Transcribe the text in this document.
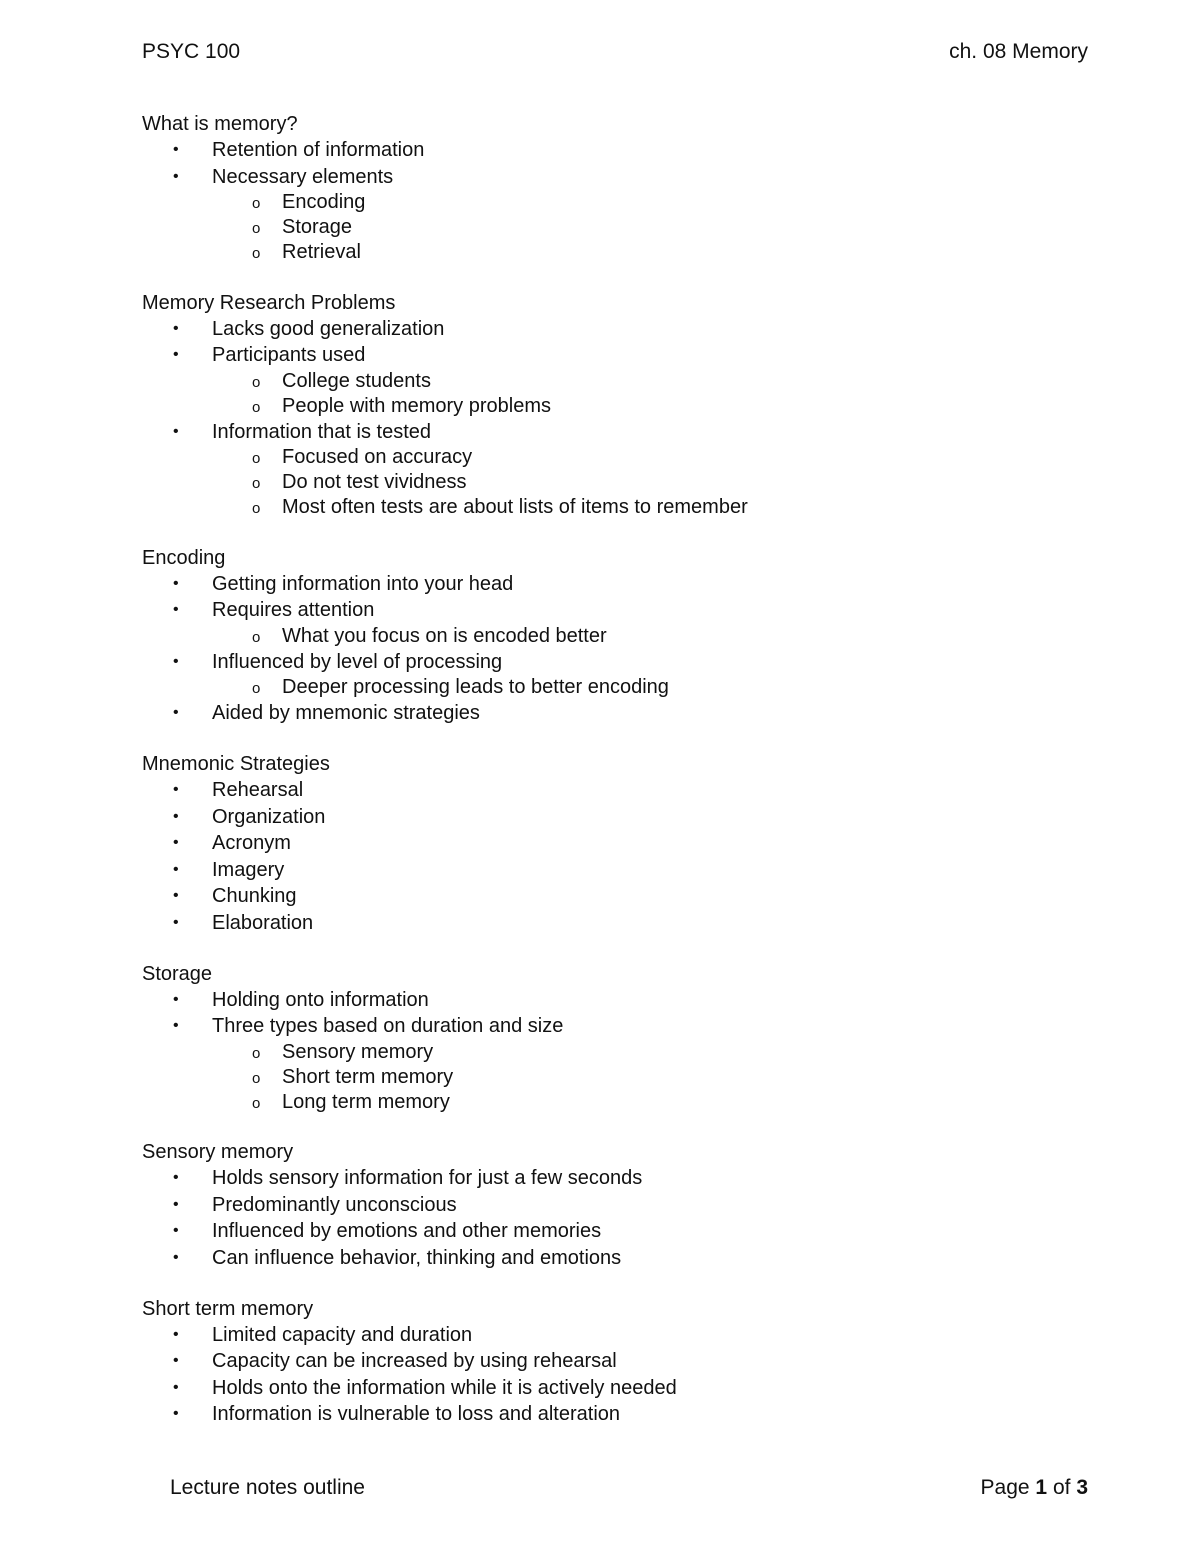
PSYC 100	ch. 08 Memory
What is memory?
• Retention of information
• Necessary elements
o Encoding
o Storage
o Retrieval
Memory Research Problems
• Lacks good generalization
• Participants used
o College students
o People with memory problems
• Information that is tested
o Focused on accuracy
o Do not test vividness
o Most often tests are about lists of items to remember
Encoding
• Getting information into your head
• Requires attention
o What you focus on is encoded better
• Influenced by level of processing
o Deeper processing leads to better encoding
• Aided by mnemonic strategies
Mnemonic Strategies
• Rehearsal
• Organization
• Acronym
• Imagery
• Chunking
• Elaboration
Storage
• Holding onto information
• Three types based on duration and size
o Sensory memory
o Short term memory
o Long term memory
Sensory memory
• Holds sensory information for just a few seconds
• Predominantly unconscious
• Influenced by emotions and other memories
• Can influence behavior, thinking and emotions
Short term memory
• Limited capacity and duration
• Capacity can be increased by using rehearsal
• Holds onto the information while it is actively needed
• Information is vulnerable to loss and alteration
Lecture notes outline	Page 1 of 3
